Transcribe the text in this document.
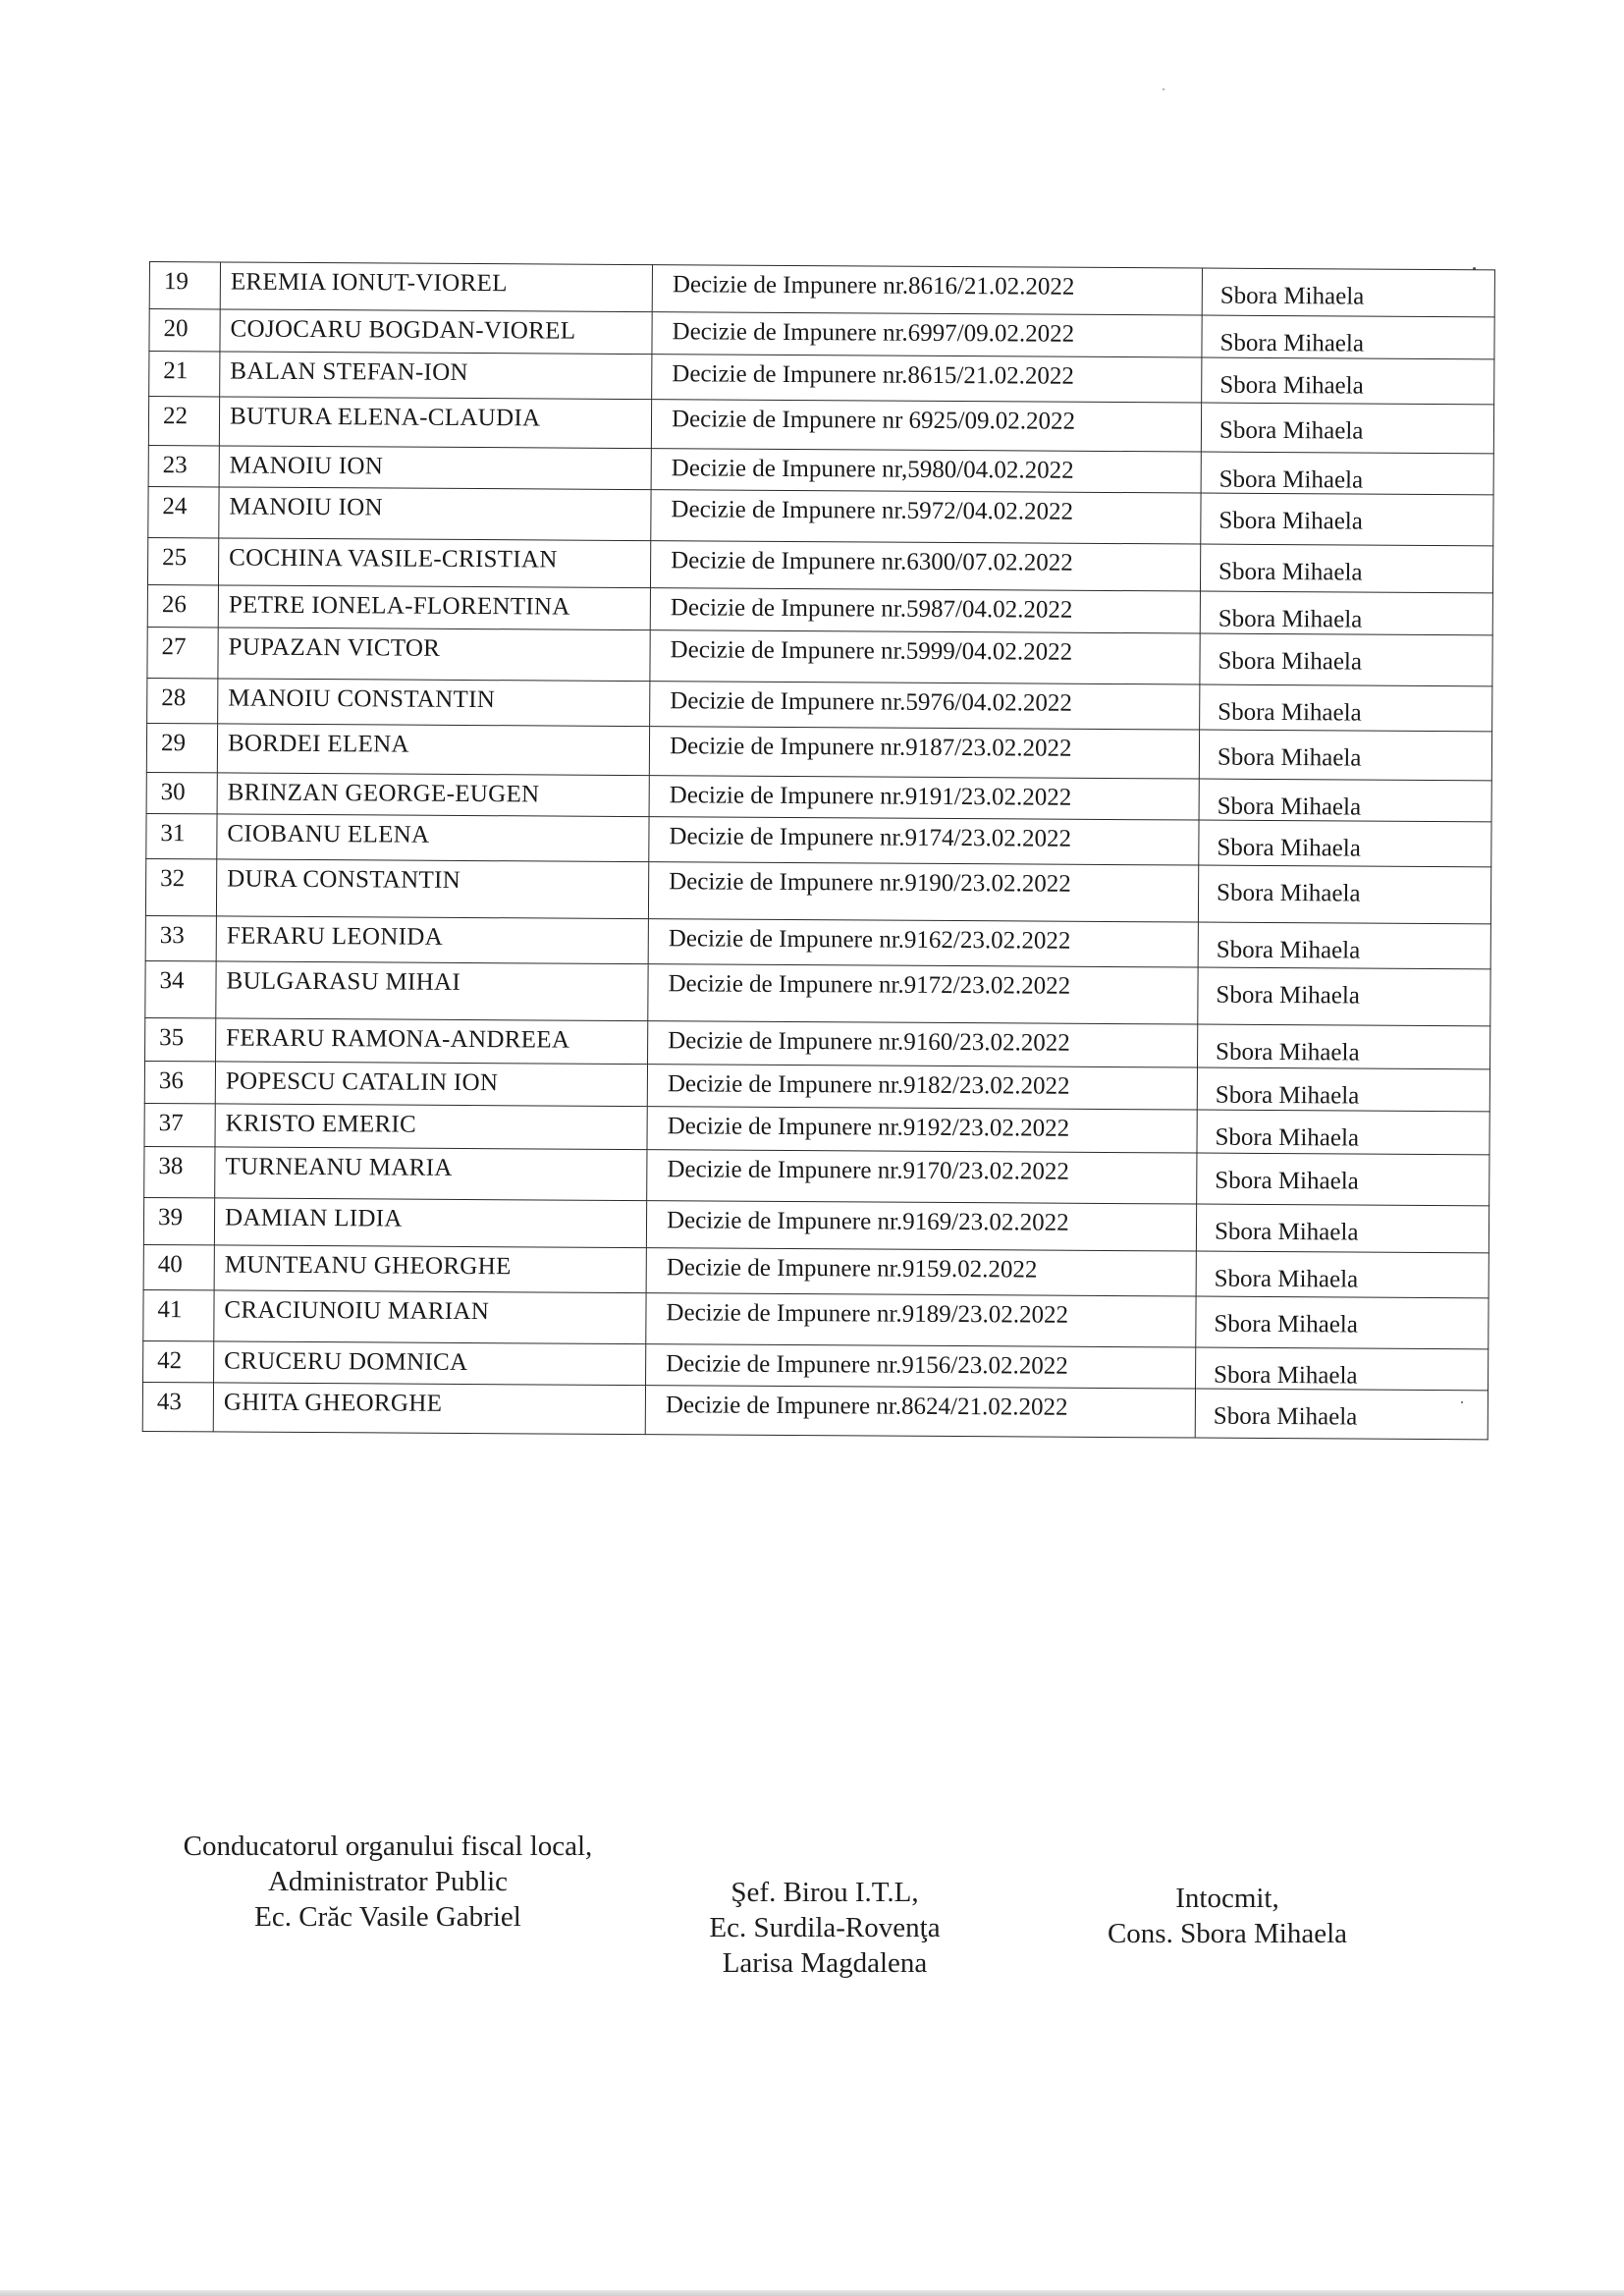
19	EREMIA IONUT-VIOREL	Decizie de Impunere nr.8616/21.02.2022	Sbora Mihaela
20	COJOCARU BOGDAN-VIOREL	Decizie de Impunere nr.6997/09.02.2022	Sbora Mihaela
21	BALAN STEFAN-ION	Decizie de Impunere nr.8615/21.02.2022	Sbora Mihaela
22	BUTURA ELENA-CLAUDIA	Decizie de Impunere nr 6925/09.02.2022	Sbora Mihaela
23	MANOIU ION	Decizie de Impunere nr,5980/04.02.2022	Sbora Mihaela
24	MANOIU ION	Decizie de Impunere nr.5972/04.02.2022	Sbora Mihaela
25	COCHINA VASILE-CRISTIAN	Decizie de Impunere nr.6300/07.02.2022	Sbora Mihaela
26	PETRE IONELA-FLORENTINA	Decizie de Impunere nr.5987/04.02.2022	Sbora Mihaela
27	PUPAZAN VICTOR	Decizie de Impunere nr.5999/04.02.2022	Sbora Mihaela
28	MANOIU CONSTANTIN	Decizie de Impunere nr.5976/04.02.2022	Sbora Mihaela
29	BORDEI ELENA	Decizie de Impunere nr.9187/23.02.2022	Sbora Mihaela
30	BRINZAN GEORGE-EUGEN	Decizie de Impunere nr.9191/23.02.2022	Sbora Mihaela
31	CIOBANU ELENA	Decizie de Impunere nr.9174/23.02.2022	Sbora Mihaela
32	DURA CONSTANTIN	Decizie de Impunere nr.9190/23.02.2022	Sbora Mihaela
33	FERARU LEONIDA	Decizie de Impunere nr.9162/23.02.2022	Sbora Mihaela
34	BULGARASU MIHAI	Decizie de Impunere nr.9172/23.02.2022	Sbora Mihaela
35	FERARU RAMONA-ANDREEA	Decizie de Impunere nr.9160/23.02.2022	Sbora Mihaela
36	POPESCU CATALIN ION	Decizie de Impunere nr.9182/23.02.2022	Sbora Mihaela
37	KRISTO EMERIC	Decizie de Impunere nr.9192/23.02.2022	Sbora Mihaela
38	TURNEANU MARIA	Decizie de Impunere nr.9170/23.02.2022	Sbora Mihaela
39	DAMIAN LIDIA	Decizie de Impunere nr.9169/23.02.2022	Sbora Mihaela
40	MUNTEANU GHEORGHE	Decizie de Impunere nr.9159.02.2022	Sbora Mihaela
41	CRACIUNOIU MARIAN	Decizie de Impunere nr.9189/23.02.2022	Sbora Mihaela
42	CRUCERU DOMNICA	Decizie de Impunere nr.9156/23.02.2022	Sbora Mihaela
43	GHITA GHEORGHE	Decizie de Impunere nr.8624/21.02.2022	Sbora Mihaela
Conducatorul organului fiscal local,
Administrator Public
Ec. Crăc Vasile Gabriel
Şef. Birou I.T.L,
Ec. Surdila-Rovenţa
Larisa Magdalena
Intocmit,
Cons. Sbora Mihaela
